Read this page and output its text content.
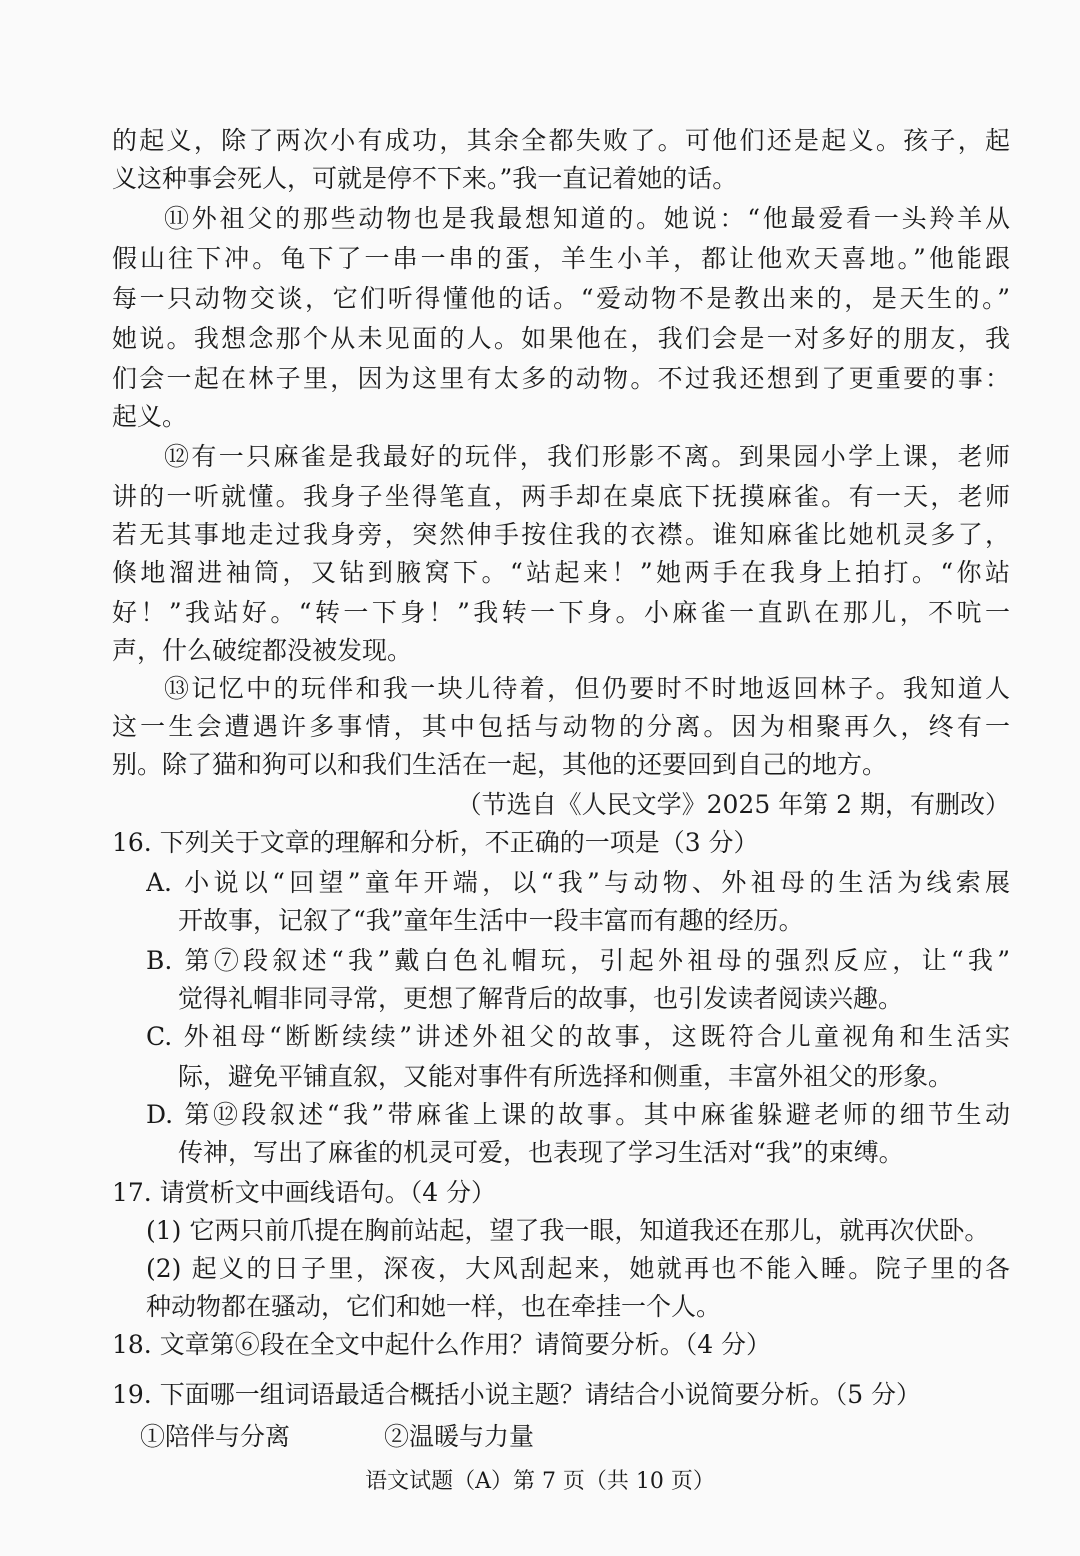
的起义，除了两次小有成功，其余全都失败了。可他们还是起义。孩子，起
义这种事会死人，可就是停不下来。”我一直记着她的话。
⑪外祖父的那些动物也是我最想知道的。她说：“他最爱看一头羚羊从
假山往下冲。龟下了一串一串的蛋，羊生小羊，都让他欢天喜地。”他能跟
每一只动物交谈，它们听得懂他的话。“爱动物不是教出来的，是天生的。”
她说。我想念那个从未见面的人。如果他在，我们会是一对多好的朋友，我
们会一起在林子里，因为这里有太多的动物。不过我还想到了更重要的事：
起义。
⑫有一只麻雀是我最好的玩伴，我们形影不离。到果园小学上课，老师
讲的一听就懂。我身子坐得笔直，两手却在桌底下抚摸麻雀。有一天，老师
若无其事地走过我身旁，突然伸手按住我的衣襟。谁知麻雀比她机灵多了，
倏地溜进袖筒，又钻到腋窝下。“站起来！”她两手在我身上拍打。“你站
好！”我站好。“转一下身！”我转一下身。小麻雀一直趴在那儿，不吭一
声，什么破绽都没被发现。
⑬记忆中的玩伴和我一块儿待着，但仍要时不时地返回林子。我知道人
这一生会遭遇许多事情，其中包括与动物的分离。因为相聚再久，终有一
别。除了猫和狗可以和我们生活在一起，其他的还要回到自己的地方。
（节选自《人民文学》2025 年第 2 期，有删改）
16. 下列关于文章的理解和分析，不正确的一项是（3 分）
A. 小说以“回望”童年开端，以“我”与动物、外祖母的生活为线索展
开故事，记叙了“我”童年生活中一段丰富而有趣的经历。
B. 第⑦段叙述“我”戴白色礼帽玩，引起外祖母的强烈反应，让“我”
觉得礼帽非同寻常，更想了解背后的故事，也引发读者阅读兴趣。
C. 外祖母“断断续续”讲述外祖父的故事，这既符合儿童视角和生活实
际，避免平铺直叙，又能对事件有所选择和侧重，丰富外祖父的形象。
D. 第⑫段叙述“我”带麻雀上课的故事。其中麻雀躲避老师的细节生动
传神，写出了麻雀的机灵可爱，也表现了学习生活对“我”的束缚。
17. 请赏析文中画线语句。（4 分）
(1) 它两只前爪提在胸前站起，望了我一眼，知道我还在那儿，就再次伏卧。
(2) 起义的日子里，深夜，大风刮起来，她就再也不能入睡。院子里的各
种动物都在骚动，它们和她一样，也在牵挂一个人。
18. 文章第⑥段在全文中起什么作用？请简要分析。（4 分）
19. 下面哪一组词语最适合概括小说主题？请结合小说简要分析。（5 分）
①陪伴与分离	②温暖与力量
语文试题（A）第 7 页（共 10 页）
